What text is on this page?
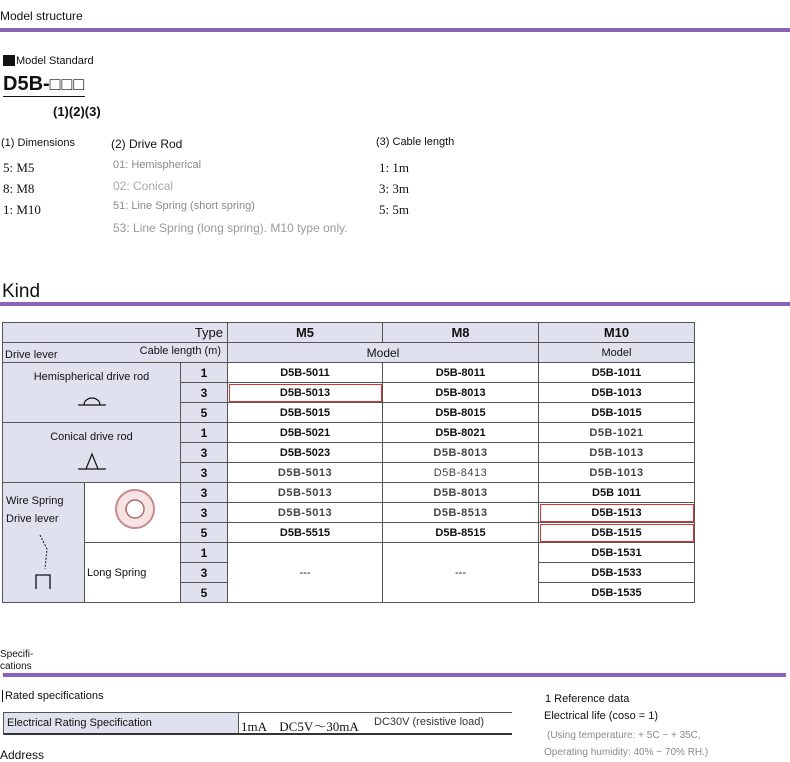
Model structure
Model Standard
D5B-□□□
(1)(2)(3)
(1) Dimensions
5: M5
8: M8
1: M10
(2) Drive Rod
01: Hemispherical
02: Conical
51: Line Spring (short spring)
53: Line Spring (long spring). M10 type only.
(3) Cable length
1: 1m
3: 3m
5: 5m
Kind
Type			M5	M8	M10

Drive lever Cable length (m)			Model		Model

Hemispherical drive rod		1	D5B-5011	D5B-8011	D5B-1011
		3	D5B-5013	D5B-8013	D5B-1013
		5	D5B-5015	D5B-8015	D5B-1015

Conical drive rod		1	D5B-5021	D5B-8021	D5B-1021
		3	D5B-5023	D5B-8013	D5B-1013
		3	D5B-5013	D5B-8413	D5B-1013

Wire Spring
Drive lever		3	D5B-5013	D5B-8013	D5B 1011
		3	D5B-5013	D5B-8513	D5B-1513
		5	D5B-5515	D5B-8515	D5B-1515
	Long Spring	1	---	---	D5B-1531
		3			D5B-1533
		5			D5B-1535
Specifi-
cations
Rated specifications
Electrical Rating Specification	1mA    DC5V～30mA DC30V (resistive load)
1 Reference data
Electrical life (coso = 1)
(Using temperature: + 5C ~ + 35C,
Operating humidity: 40% ~ 70% RH.)
Address
